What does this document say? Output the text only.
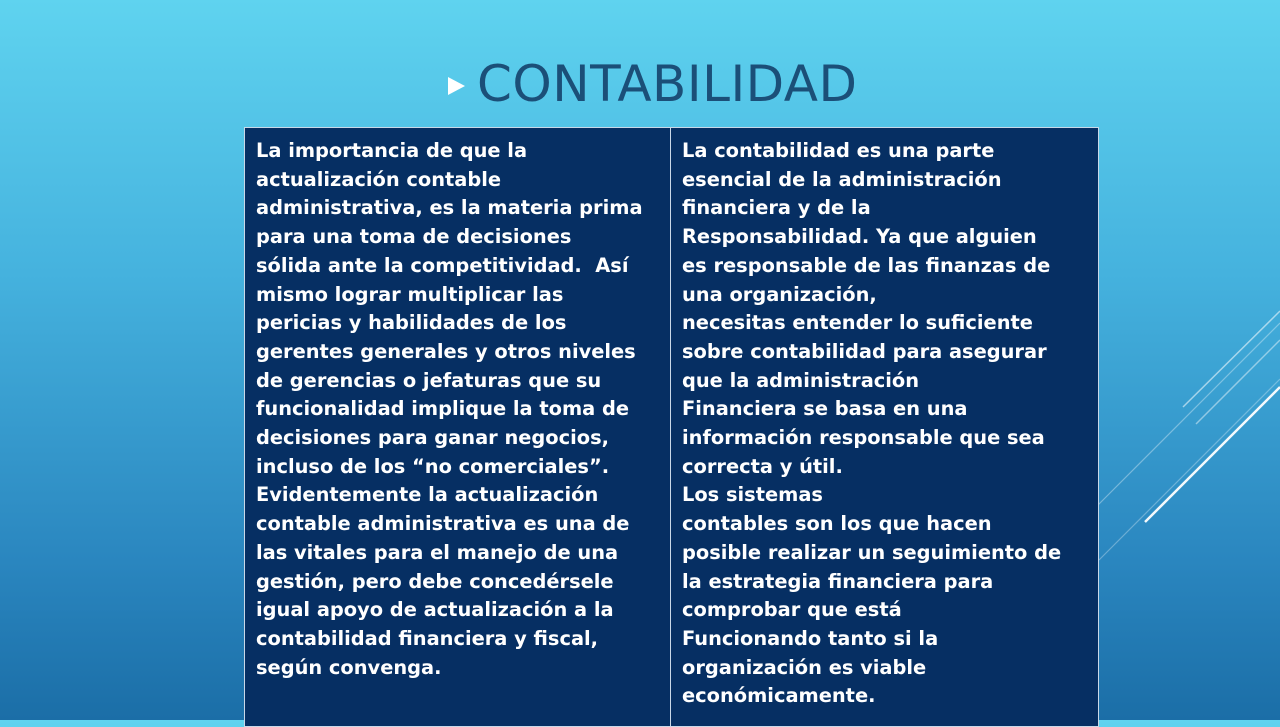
CONTABILIDAD
La importancia de que la
actualización contable
administrativa, es la materia prima
para una toma de decisiones
sólida ante la competitividad.  Así
mismo lograr multiplicar las
pericias y habilidades de los
gerentes generales y otros niveles
de gerencias o jefaturas que su
funcionalidad implique la toma de
decisiones para ganar negocios,
incluso de los “no comerciales”.
Evidentemente la actualización
contable administrativa es una de
las vitales para el manejo de una
gestión, pero debe concedérsele
igual apoyo de actualización a la
contabilidad financiera y fiscal,
según convenga.
La contabilidad es una parte
esencial de la administración
financiera y de la
Responsabilidad. Ya que alguien
es responsable de las finanzas de
una organización,
necesitas entender lo suficiente
sobre contabilidad para asegurar
que la administración
Financiera se basa en una
información responsable que sea
correcta y útil.
Los sistemas
contables son los que hacen
posible realizar un seguimiento de
la estrategia financiera para
comprobar que está
Funcionando tanto si la
organización es viable
económicamente.
